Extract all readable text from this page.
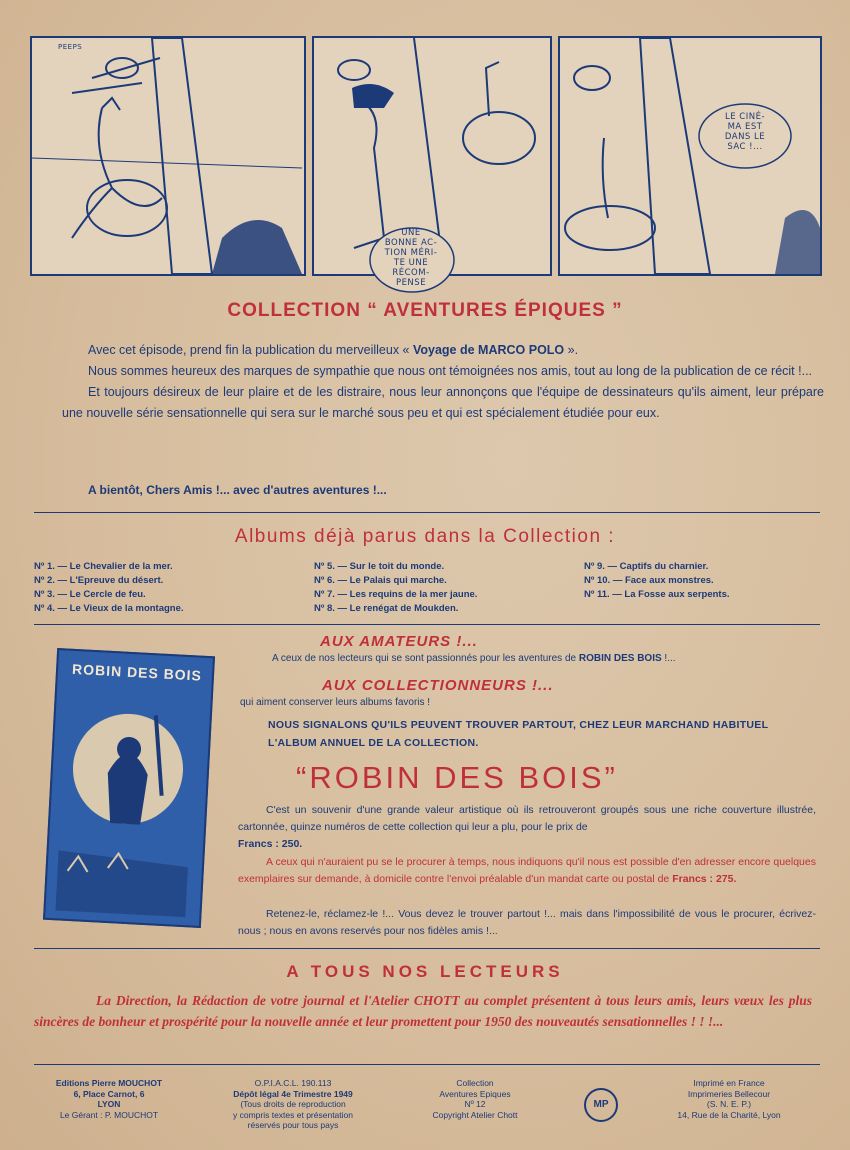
PEEPS
UNE
BONNE AC-
TION MÉRI-
TE UNE
RÉCOM-
PENSE
LE CINÉ-
MA EST
DANS LE
SAC !...
COLLECTION “ AVENTURES ÉPIQUES ”

Avec cet épisode, prend fin la publication du merveilleux « Voyage de MARCO POLO ».

Nous sommes heureux des marques de sympathie que nous ont témoignées nos amis, tout au long de la publication de ce récit !...

Et toujours désireux de leur plaire et de les distraire, nous leur annonçons que l'équipe de dessinateurs qu'ils aiment, leur prépare une nouvelle série sensationnelle qui sera sur le marché sous peu et qui est spécialement étudiée pour eux.

A bientôt, Chers Amis !... avec d'autres aventures !...
Albums déjà parus dans la Collection :
Nº 1. — Le Chevalier de la mer.
Nº 2. — L'Epreuve du désert.
Nº 3. — Le Cercle de feu.
Nº 4. — Le Vieux de la montagne.
Nº 5. — Sur le toit du monde.
Nº 6. — Le Palais qui marche.
Nº 7. — Les requins de la mer jaune.
Nº 8. — Le renégat de Moukden.
Nº 9. — Captifs du charnier.
Nº 10. — Face aux monstres.
Nº 11. — La Fosse aux serpents.
ROBIN DES BOIS
AUX AMATEURS !...
A ceux de nos lecteurs qui se sont passionnés pour les aventures de ROBIN DES BOIS !...
AUX COLLECTIONNEURS !...
qui aiment conserver leurs albums favoris !
NOUS SIGNALONS QU'ILS PEUVENT TROUVER PARTOUT, CHEZ LEUR MARCHAND HABITUEL
L'ALBUM ANNUEL DE LA COLLECTION.
“ROBIN DES BOIS”
C'est un souvenir d'une grande valeur artistique où ils retrouveront groupés sous une riche couverture illustrée, cartonnée, quinze numéros de cette collection qui leur a plu, pour le prix de
Francs : 250.
A ceux qui n'auraient pu se le procurer à temps, nous indiquons qu'il nous est possible d'en adresser encore quelques exemplaires sur demande, à domicile contre l'envoi préalable d'un mandat carte ou postal de Francs : 275.
Retenez-le, réclamez-le !... Vous devez le trouver partout !... mais dans l'impossibilité de vous le procurer, écrivez-nous ; nous en avons reservés pour nos fidèles amis !...
A TOUS NOS LECTEURS

La Direction, la Rédaction de votre journal et l'Atelier CHOTT au complet présentent à tous leurs amis, leurs vœux les plus sincères de bonheur et prospérité pour la nouvelle année et leur promettent pour 1950 des nouveautés sensationnelles ! ! !...

Editions Pierre MOUCHOT
6, Place Carnot, 6
LYON
Le Gérant : P. MOUCHOT
O.P.I.A.C.L. 190.113
Dépôt légal 4e Trimestre 1949
(Tous droits de reproduction
y compris textes et présentation
réservés pour tous pays
Collection
Aventures Epiques
Nº 12
Copyright Atelier Chott
MP
Imprimé en France
Imprimeries Bellecour
(S. N. E. P.)
14, Rue de la Charité, Lyon
